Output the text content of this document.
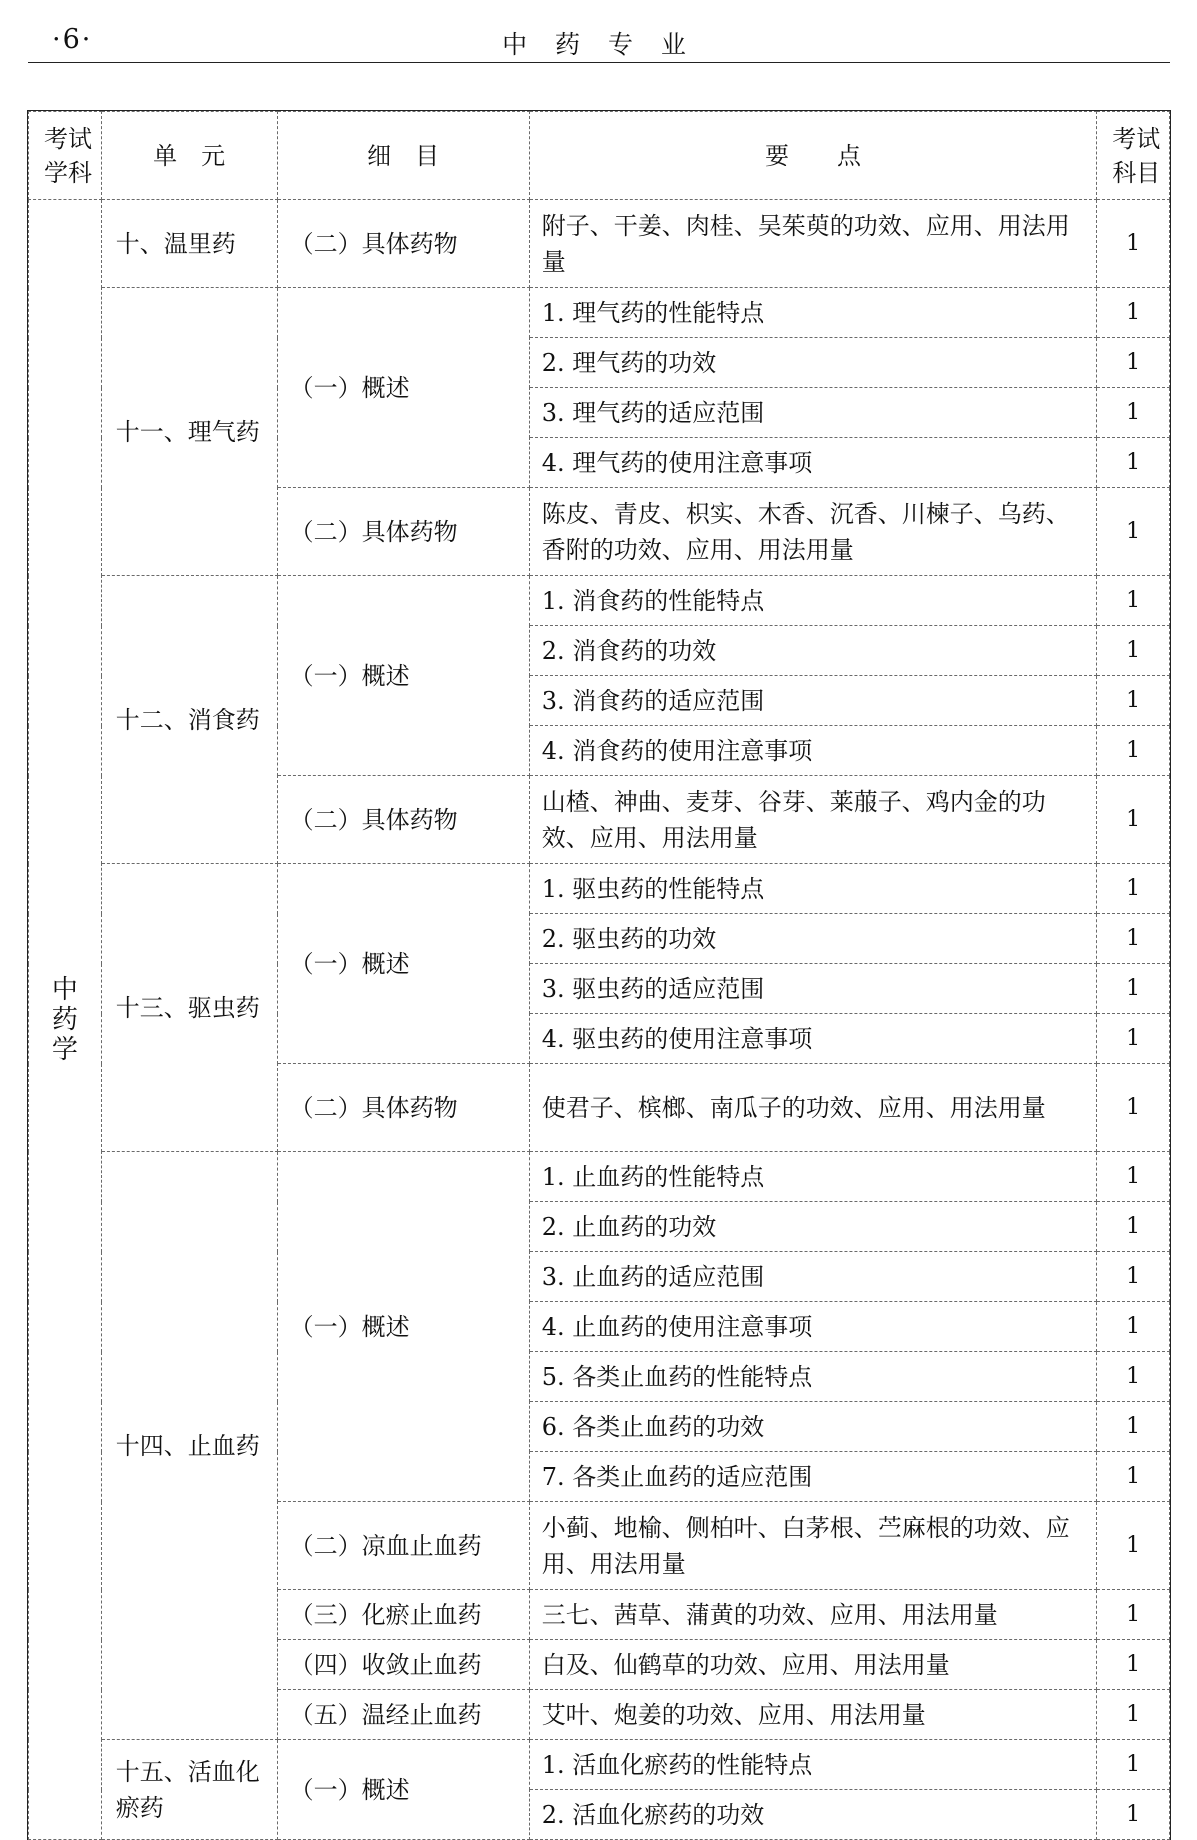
·6·	中 药 专 业
考试学科	单　元	细　目	要　　点	考试科目
中药学	十、温里药	（二）具体药物	附子、干姜、肉桂、吴茱萸的功效、应用、用法用量	1
	十一、理气药	（一）概述	1. 理气药的性能特点	1
			2. 理气药的功效	1
			3. 理气药的适应范围	1
			4. 理气药的使用注意事项	1
		（二）具体药物	陈皮、青皮、枳实、木香、沉香、川楝子、乌药、香附的功效、应用、用法用量	1
	十二、消食药	（一）概述	1. 消食药的性能特点	1
			2. 消食药的功效	1
			3. 消食药的适应范围	1
			4. 消食药的使用注意事项	1
		（二）具体药物	山楂、神曲、麦芽、谷芽、莱菔子、鸡内金的功效、应用、用法用量	1
	十三、驱虫药	（一）概述	1. 驱虫药的性能特点	1
			2. 驱虫药的功效	1
			3. 驱虫药的适应范围	1
			4. 驱虫药的使用注意事项	1
		（二）具体药物	使君子、槟榔、南瓜子的功效、应用、用法用量	1
	十四、止血药	（一）概述	1. 止血药的性能特点	1
			2. 止血药的功效	1
			3. 止血药的适应范围	1
			4. 止血药的使用注意事项	1
			5. 各类止血药的性能特点	1
			6. 各类止血药的功效	1
			7. 各类止血药的适应范围	1
		（二）凉血止血药	小蓟、地榆、侧柏叶、白茅根、苎麻根的功效、应用、用法用量	1
		（三）化瘀止血药	三七、茜草、蒲黄的功效、应用、用法用量	1
		（四）收敛止血药	白及、仙鹤草的功效、应用、用法用量	1
		（五）温经止血药	艾叶、炮姜的功效、应用、用法用量	1
	十五、活血化瘀药	（一）概述	1. 活血化瘀药的性能特点	1
			2. 活血化瘀药的功效	1
